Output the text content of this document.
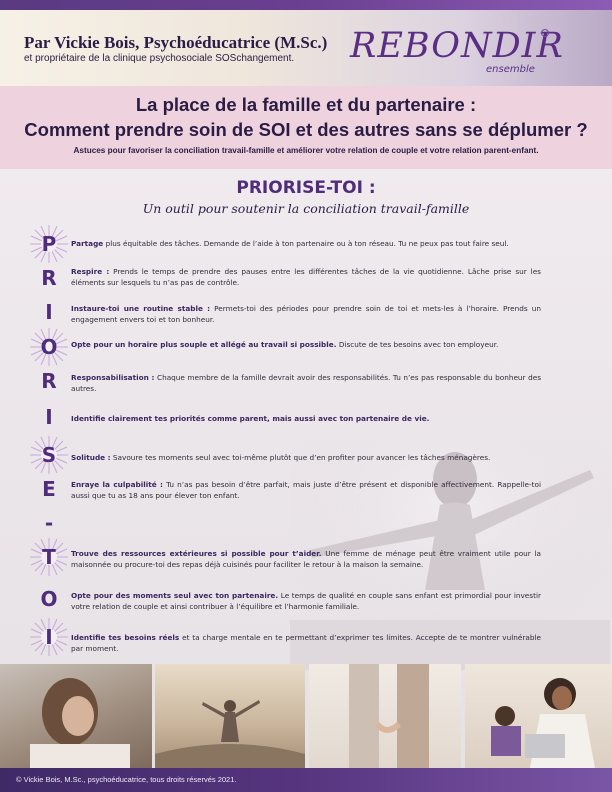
Par Vickie Bois, Psychoéducatrice (M.Sc.)
et propriétaire de la clinique psychosociale SOSchangement. REBONDIR
ensemble
La place de la famille et du partenaire :
Comment prendre soin de SOI et des autres sans se déplumer ?
Astuces pour favoriser la conciliation travail-famille et améliorer votre relation de couple et votre relation parent-enfant.
PRIORISE-TOI :
Un outil pour soutenir la conciliation travail-famille
P
R
I
O
R
I
S
E
-
T
O
I
Partage plus équitable des tâches. Demande de l’aide à ton partenaire ou à ton réseau. Tu ne peux pas tout faire seul.
Respire : Prends le temps de prendre des pauses entre les différentes tâches de la vie quotidienne. Lâche prise sur les éléments sur lesquels tu n’as pas de contrôle.
Instaure-toi une routine stable : Permets-toi des périodes pour prendre soin de toi et mets-les à l’horaire. Prends un engagement envers toi et ton bonheur.
Opte pour un horaire plus souple et allégé au travail si possible. Discute de tes besoins avec ton employeur.
Responsabilisation : Chaque membre de la famille devrait avoir des responsabilités. Tu n’es pas responsable du bonheur des autres.
Identifie clairement tes priorités comme parent, mais aussi avec ton partenaire de vie.
Solitude : Savoure tes moments seul avec toi-même plutôt que d’en profiter pour avancer les tâches ménagères.
Enraye la culpabilité : Tu n’as pas besoin d’être parfait, mais juste d’être présent et disponible affectivement. Rappelle-toi aussi que tu as 18 ans pour élever ton enfant.
Trouve des ressources extérieures si possible pour t’aider. Une femme de ménage peut être vraiment utile pour la maisonnée ou procure-toi des repas déjà cuisinés pour faciliter le retour à la maison la semaine.
Opte pour des moments seul avec ton partenaire. Le temps de qualité en couple sans enfant est primordial pour investir votre relation de couple et ainsi contribuer à l’équilibre et l’harmonie familiale.
Identifie tes besoins réels et ta charge mentale en te permettant d’exprimer tes limites. Accepte de te montrer vulnérable par moment.
© Vickie Bois, M.Sc., psychoéducatrice, tous droits réservés 2021.
